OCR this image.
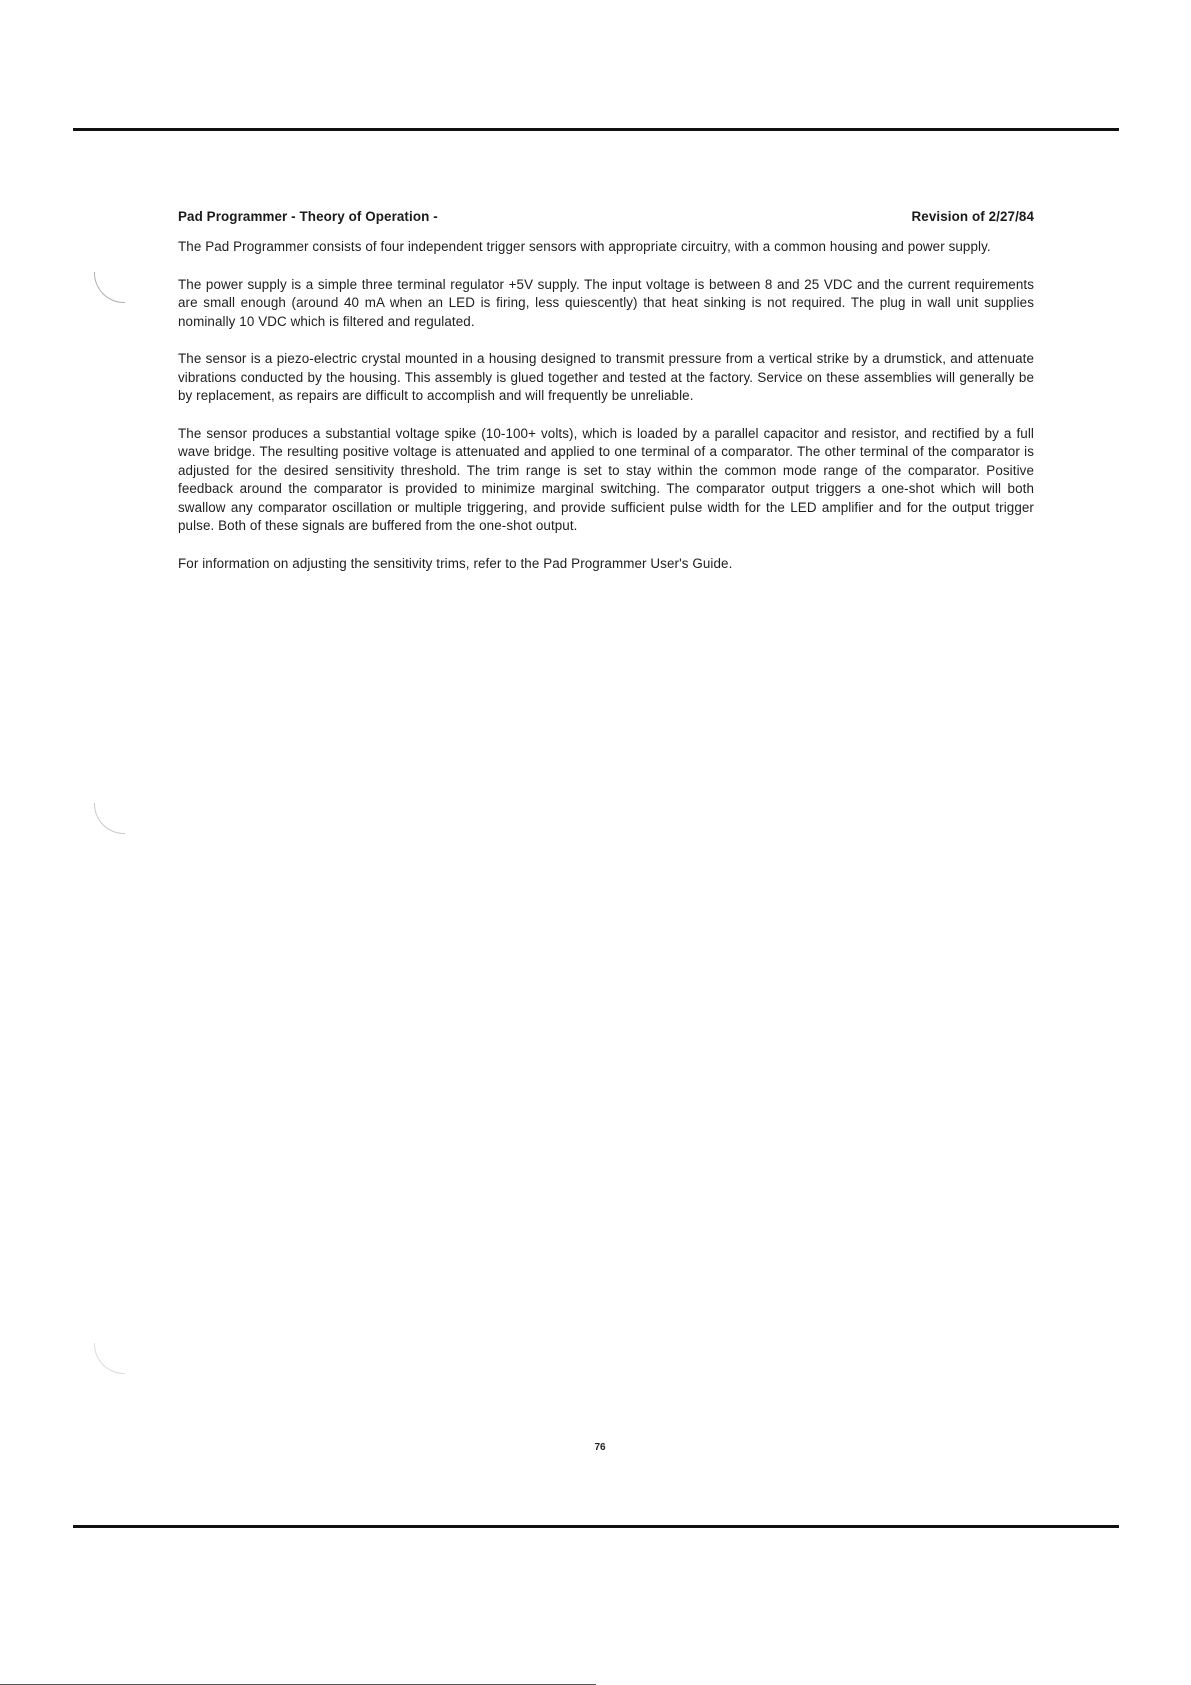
Pad Programmer - Theory of Operation -	Revision of 2/27/84

The Pad Programmer consists of four independent trigger sensors with appropriate circuitry, with a common housing and power supply.

The power supply is a simple three terminal regulator +5V supply. The input voltage is between 8 and 25 VDC and the current requirements are small enough (around 40 mA when an LED is firing, less quiescently) that heat sinking is not required. The plug in wall unit supplies nominally 10 VDC which is filtered and regulated.

The sensor is a piezo-electric crystal mounted in a housing designed to transmit pressure from a vertical strike by a drumstick, and attenuate vibrations conducted by the housing. This assembly is glued together and tested at the factory. Service on these assemblies will generally be by replacement, as repairs are difficult to accomplish and will frequently be unreliable.

The sensor produces a substantial voltage spike (10-100+ volts), which is loaded by a parallel capacitor and resistor, and rectified by a full wave bridge. The resulting positive voltage is attenuated and applied to one terminal of a comparator. The other terminal of the comparator is adjusted for the desired sensitivity threshold. The trim range is set to stay within the common mode range of the comparator. Positive feedback around the comparator is provided to minimize marginal switching. The comparator output triggers a one-shot which will both swallow any comparator oscillation or multiple triggering, and provide sufficient pulse width for the LED amplifier and for the output trigger pulse. Both of these signals are buffered from the one-shot output.

For information on adjusting the sensitivity trims, refer to the Pad Programmer User's Guide.

76
